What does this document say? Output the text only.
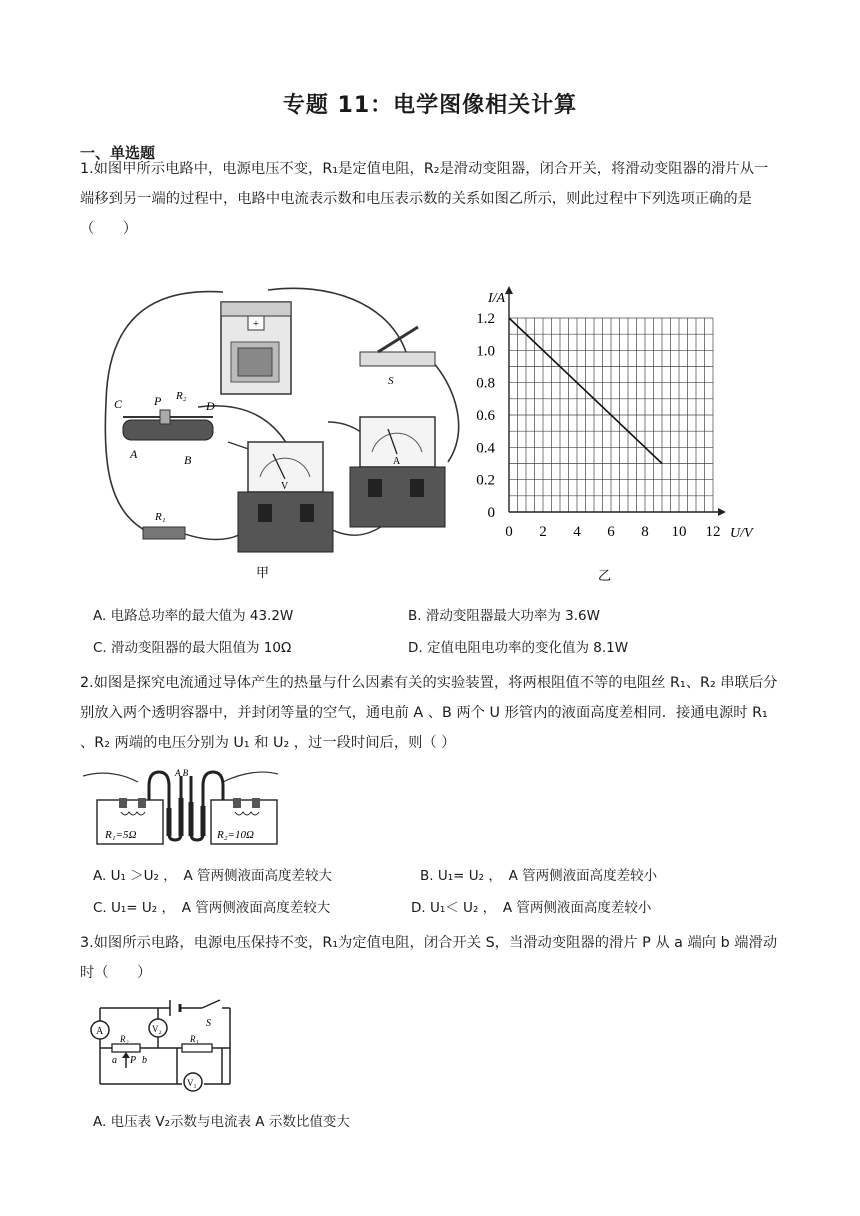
专题 11：电学图像相关计算
一、单选题
1.如图甲所示电路中，电源电压不变，R₁是定值电阻，R₂是滑动变阻器，闭合开关，将滑动变阻器的滑片从一端移到另一端的过程中，电路中电流表示数和电压表示数的关系如图乙所示，则此过程中下列选项正确的是（　　）
+
S
C	P R₂
D
A	B
R₁
V
A
甲
0 2 4 6 8 10 12
0
0.2
0.4
0.6
0.8
1.0
1.2
I/A
U/V
乙
A. 电路总功率的最大值为 43.2W	B. 滑动变阻器最大功率为 3.6W
C. 滑动变阻器的最大阻值为 10Ω	D. 定值电阻电功率的变化值为 8.1W
2.如图是探究电流通过导体产生的热量与什么因素有关的实验装置，将两根阻值不等的电阻丝 R₁、R₂ 串联后分别放入两个透明容器中，并封闭等量的空气，通电前 A 、B 两个 U 形管内的液面高度差相同．接通电源时 R₁ 、R₂ 两端的电压分别为 U₁ 和 U₂ ，过一段时间后，则（ ）
R₁=5Ω	R₂=10Ω
A B
A. U₁ ＞U₂ ，　A 管两侧液面高度差较大	B. U₁= U₂ ，　A 管两侧液面高度差较小
C. U₁= U₂ ，　A 管两侧液面高度差较大	D. U₁＜ U₂ ，　A 管两侧液面高度差较小
3.如图所示电路，电源电压保持不变，R₁为定值电阻，闭合开关 S，当滑动变阻器的滑片 P 从 a 端向 b 端滑动时（　　）
A	V₂
V₁
R₂
a P b
R₁
S
A. 电压表 V₂示数与电流表 A 示数比值变大
